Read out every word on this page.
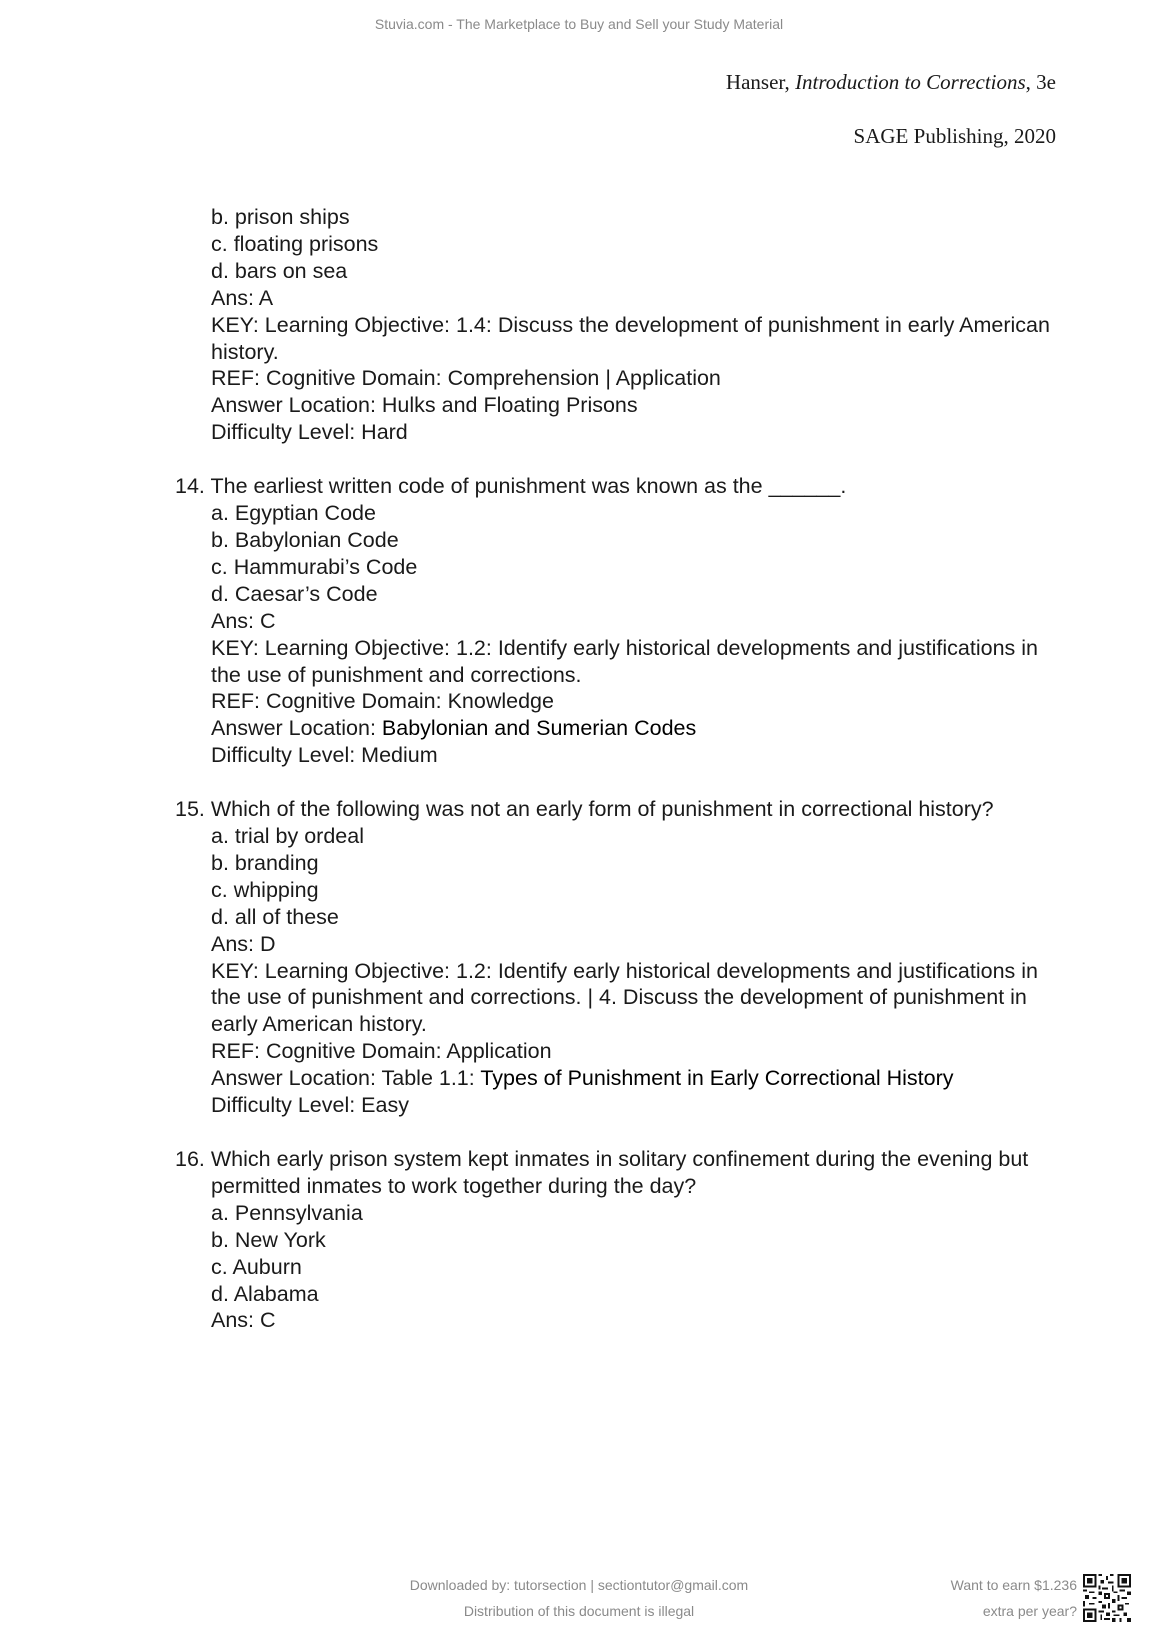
Stuvia.com - The Marketplace to Buy and Sell your Study Material
Hanser, Introduction to Corrections, 3e
SAGE Publishing, 2020
b. prison ships
c. floating prisons
d. bars on sea
Ans: A
KEY: Learning Objective: 1.4: Discuss the development of punishment in early American history.
REF: Cognitive Domain: Comprehension | Application
Answer Location: Hulks and Floating Prisons
Difficulty Level: Hard
14. The earliest written code of punishment was known as the ______.
a. Egyptian Code
b. Babylonian Code
c. Hammurabi’s Code
d. Caesar’s Code
Ans: C
KEY: Learning Objective: 1.2: Identify early historical developments and justifications in the use of punishment and corrections.
REF: Cognitive Domain: Knowledge
Answer Location: Babylonian and Sumerian Codes
Difficulty Level: Medium
15. Which of the following was not an early form of punishment in correctional history?
a. trial by ordeal
b. branding
c. whipping
d. all of these
Ans: D
KEY: Learning Objective: 1.2: Identify early historical developments and justifications in the use of punishment and corrections. | 4. Discuss the development of punishment in early American history.
REF: Cognitive Domain: Application
Answer Location: Table 1.1: Types of Punishment in Early Correctional History
Difficulty Level: Easy
16. Which early prison system kept inmates in solitary confinement during the evening but permitted inmates to work together during the day?
a. Pennsylvania
b. New York
c. Auburn
d. Alabama
Ans: C
Downloaded by: tutorsection | sectiontutor@gmail.com
Distribution of this document is illegal
Want to earn $1.236
extra per year?
